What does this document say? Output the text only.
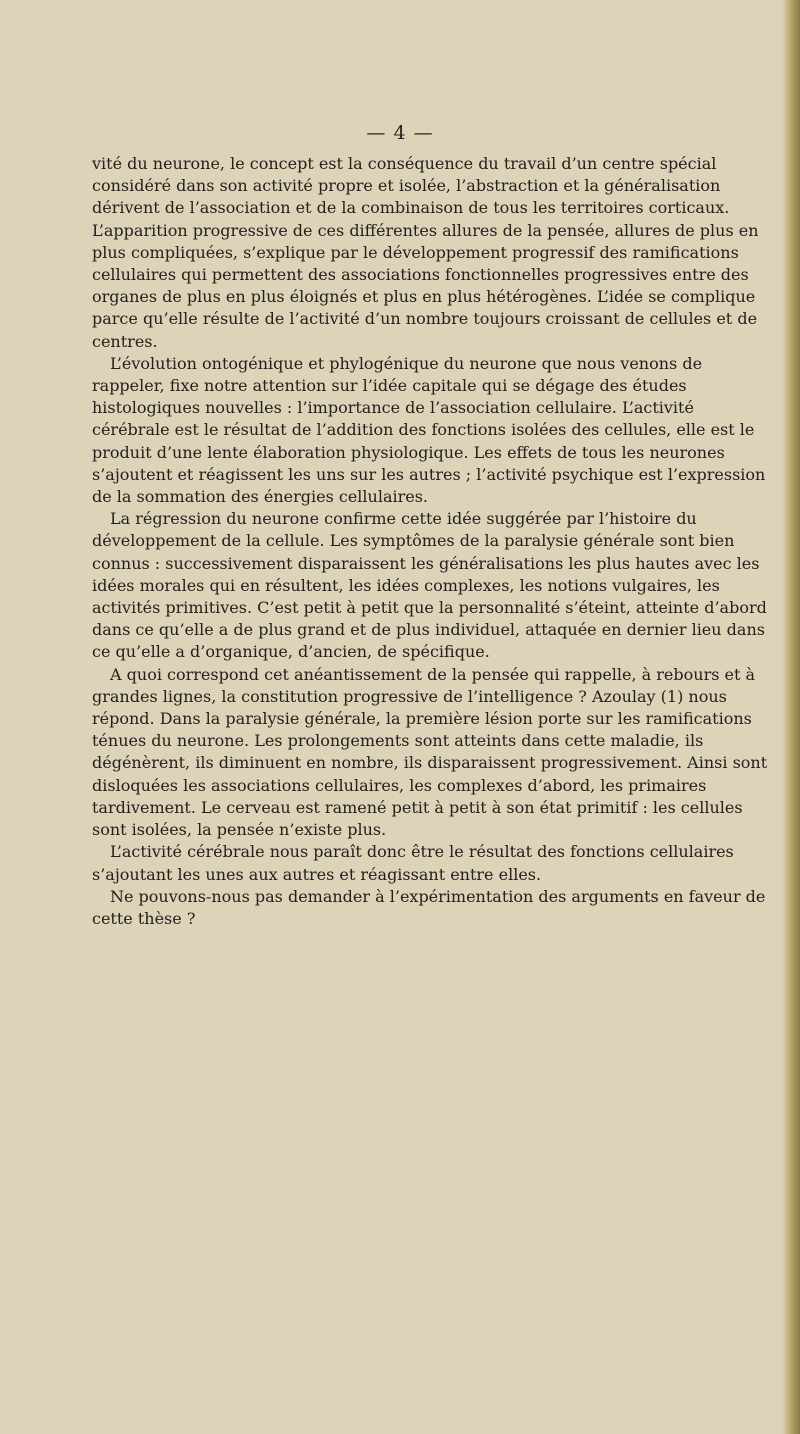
— 4 —

vité du neurone, le concept est la conséquence du travail d’un centre spécial considéré dans son activité propre et isolée, l’abstraction et la généralisation dérivent de l’association et de la combinaison de tous les territoires corticaux. L’apparition progressive de ces différentes allures de la pensée, allures de plus en plus compliquées, s’explique par le développement progressif des ramifications cellulaires qui permettent des associations fonctionnelles progressives entre des organes de plus en plus éloignés et plus en plus hétérogènes. L’idée se complique parce qu’elle résulte de l’activité d’un nombre toujours croissant de cellules et de centres.

L’évolution ontogénique et phylogénique du neurone que nous venons de rappeler, fixe notre attention sur l’idée capitale qui se dégage des études histologiques nouvelles : l’importance de l’association cellulaire. L’activité cérébrale est le résultat de l’addition des fonctions isolées des cellules, elle est le produit d’une lente élaboration physiologique. Les effets de tous les neurones s’ajoutent et réagissent les uns sur les autres ; l’activité psychique est l’expression de la sommation des énergies cellulaires.

La régression du neurone confirme cette idée suggérée par l’histoire du développement de la cellule. Les symptômes de la paralysie générale sont bien connus : successivement disparaissent les généralisations les plus hautes avec les idées morales qui en résultent, les idées complexes, les notions vulgaires, les activités primitives. C’est petit à petit que la personnalité s’éteint, atteinte d’abord dans ce qu’elle a de plus grand et de plus individuel, attaquée en dernier lieu dans ce qu’elle a d’organique, d’ancien, de spécifique.

A quoi correspond cet anéantissement de la pensée qui rappelle, à rebours et à grandes lignes, la constitution progressive de l’intelligence ? Azoulay (1) nous répond. Dans la paralysie générale, la première lésion porte sur les ramifications ténues du neurone. Les prolongements sont atteints dans cette maladie, ils dégénèrent, ils diminuent en nombre, ils disparaissent progressivement. Ainsi sont disloquées les associations cellulaires, les complexes d’abord, les primaires tardivement. Le cerveau est ramené petit à petit à son état primitif : les cellules sont isolées, la pensée n’existe plus.

L’activité cérébrale nous paraît donc être le résultat des fonctions cellulaires s’ajoutant les unes aux autres et réagissant entre elles.

Ne pouvons-nous pas demander à l’expérimentation des arguments en faveur de cette thèse ?
